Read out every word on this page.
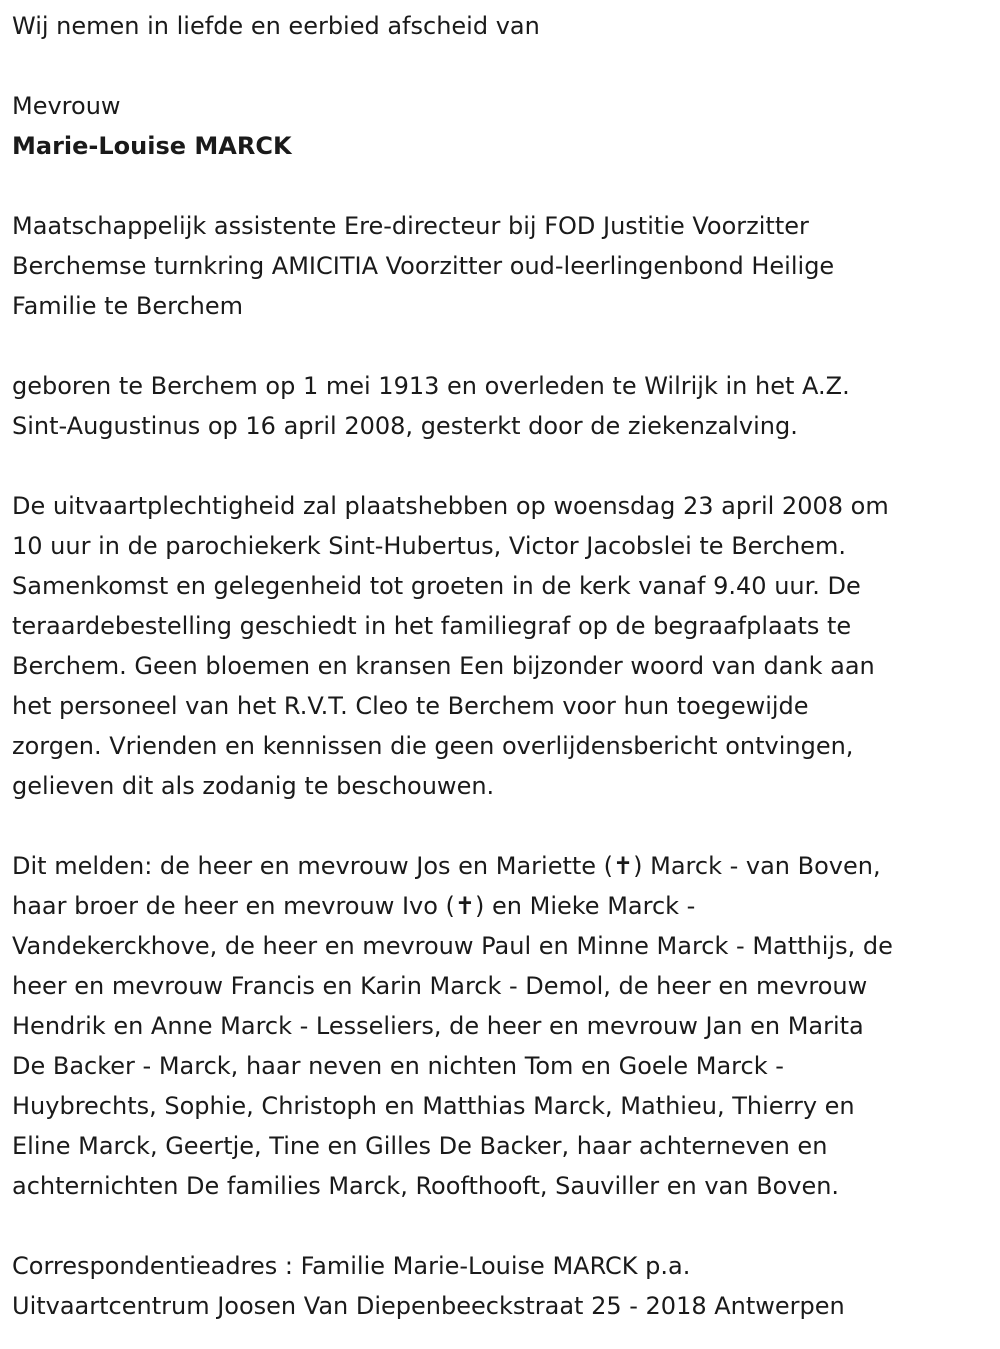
Wij nemen in liefde en eerbied afscheid van
Mevrouw
Marie-Louise MARCK
Maatschappelijk assistente Ere-directeur bij FOD Justitie Voorzitter
Berchemse turnkring AMICITIA Voorzitter oud-leerlingenbond Heilige
Familie te Berchem
geboren te Berchem op 1 mei 1913 en overleden te Wilrijk in het A.Z.
Sint-Augustinus op 16 april 2008, gesterkt door de ziekenzalving.
De uitvaartplechtigheid zal plaatshebben op woensdag 23 april 2008 om
10 uur in de parochiekerk Sint-Hubertus, Victor Jacobslei te Berchem.
Samenkomst en gelegenheid tot groeten in de kerk vanaf 9.40 uur. De
teraardebestelling geschiedt in het familiegraf op de begraafplaats te
Berchem. Geen bloemen en kransen Een bijzonder woord van dank aan
het personeel van het R.V.T. Cleo te Berchem voor hun toegewijde
zorgen. Vrienden en kennissen die geen overlijdensbericht ontvingen,
gelieven dit als zodanig te beschouwen.
Dit melden: de heer en mevrouw Jos en Mariette (✝) Marck - van Boven,
haar broer de heer en mevrouw Ivo (✝) en Mieke Marck -
Vandekerckhove, de heer en mevrouw Paul en Minne Marck - Matthijs, de
heer en mevrouw Francis en Karin Marck - Demol, de heer en mevrouw
Hendrik en Anne Marck - Lesseliers, de heer en mevrouw Jan en Marita
De Backer - Marck, haar neven en nichten Tom en Goele Marck -
Huybrechts, Sophie, Christoph en Matthias Marck, Mathieu, Thierry en
Eline Marck, Geertje, Tine en Gilles De Backer, haar achterneven en
achternichten De families Marck, Roofthooft, Sauviller en van Boven.
Correspondentieadres : Familie Marie-Louise MARCK p.a.
Uitvaartcentrum Joosen Van Diepenbeeckstraat 25 - 2018 Antwerpen
